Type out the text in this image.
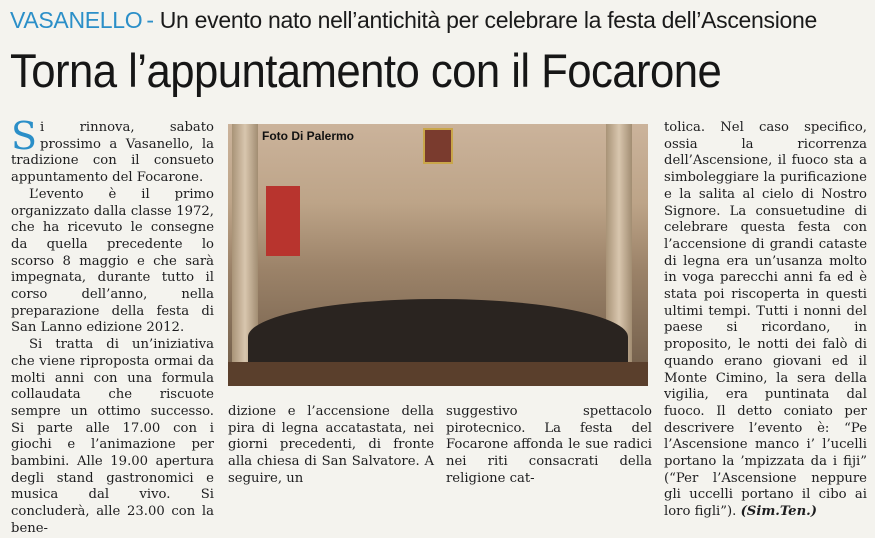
VASANELLO - Un evento nato nell’antichità per celebrare la festa dell’Ascensione
Torna l’appuntamento con il Focarone

Si rinnova, sabato prossimo a Vasanello, la tradizione con il consueto appuntamento del Focarone.

L’evento è il primo organizzato dalla classe 1972, che ha ricevuto le consegne da quella precedente lo scorso 8 maggio e che sarà impegnata, durante tutto il corso dell’anno, nella preparazione della festa di San Lanno edizione 2012.

Si tratta di un’iniziativa che viene riproposta ormai da molti anni con una formula collaudata che riscuote sempre un ottimo successo. Si parte alle 17.00 con i giochi e l’animazione per bambini. Alle 19.00 apertura degli stand gastronomici e musica dal vivo. Si concluderà, alle 23.00 con la bene-

Foto Di Palermo

dizione e l’accensione della pira di legna accatastata, nei giorni precedenti, di fronte alla chiesa di San Salvatore. A seguire, un

suggestivo spettacolo pirotecnico. La festa del Focarone affonda le sue radici nei riti consacrati della religione cat-

tolica. Nel caso specifico, ossia la ricorrenza dell’Ascensione, il fuoco sta a simboleggiare la purificazione e la salita al cielo di Nostro Signore. La consuetudine di celebrare questa festa con l’accensione di grandi cataste di legna era un’usanza molto in voga parecchi anni fa ed è stata poi riscoperta in questi ultimi tempi. Tutti i nonni del paese si ricordano, in proposito, le notti dei falò di quando erano giovani ed il Monte Cimino, la sera della vigilia, era puntinata dal fuoco. Il detto coniato per descrivere l’evento è: “Pe l’Ascensione manco i’ l’ucelli portano la ’mpizzata da i fiji” (“Per l’Ascensione neppure gli uccelli portano il cibo ai loro figli”). (Sim.Ten.)
